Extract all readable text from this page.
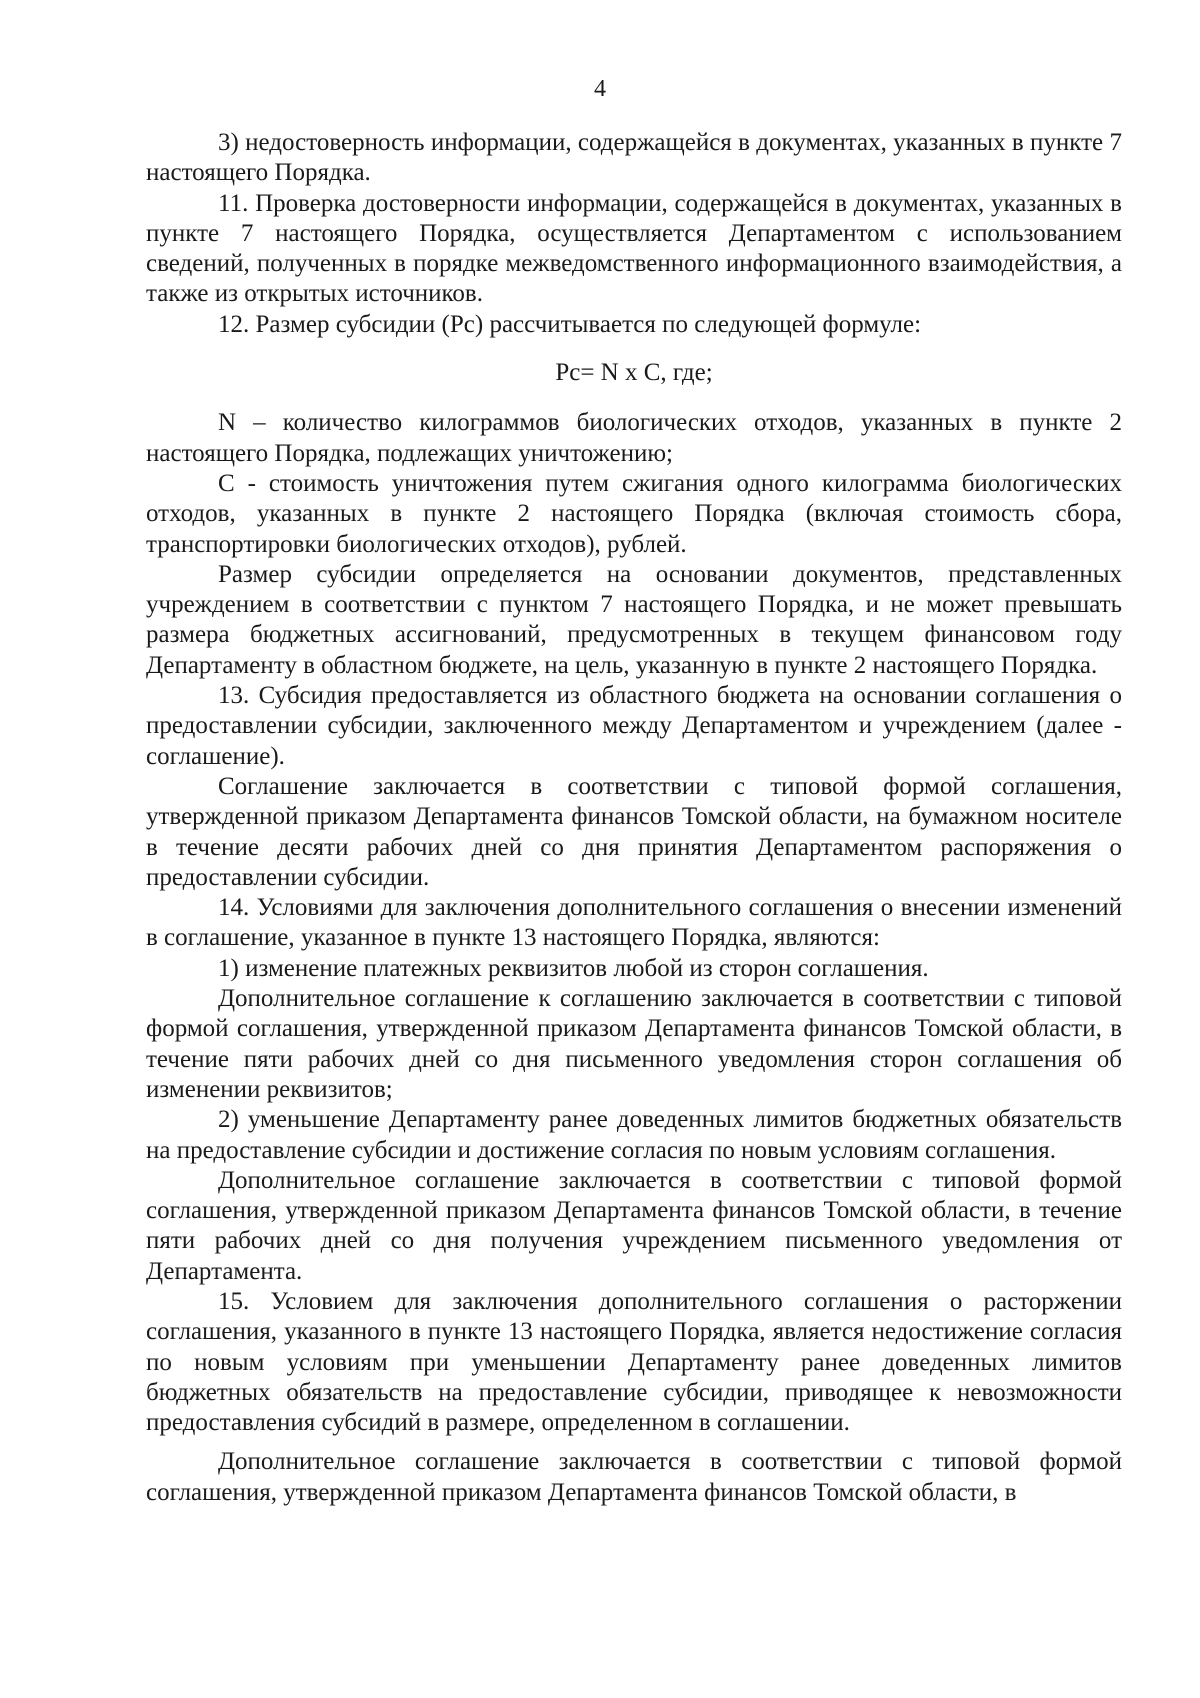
4

3) недостоверность информации, содержащейся в документах, указанных в пункте 7 настоящего Порядка.

11. Проверка достоверности информации, содержащейся в документах, указанных в пункте 7 настоящего Порядка, осуществляется Департаментом с использованием сведений, полученных в порядке межведомственного информационного взаимодействия, а также из открытых источников.

12. Размер субсидии (Рс) рассчитывается по следующей формуле:

Рс= N х С, где;

N – количество килограммов биологических отходов, указанных в пункте 2 настоящего Порядка, подлежащих уничтожению;

С - стоимость уничтожения путем сжигания одного килограмма биологических отходов, указанных в пункте 2 настоящего Порядка (включая стоимость сбора, транспортировки биологических отходов), рублей.

Размер субсидии определяется на основании документов, представленных учреждением в соответствии с пунктом 7 настоящего Порядка, и не может превышать размера бюджетных ассигнований, предусмотренных в текущем финансовом году Департаменту в областном бюджете, на цель, указанную в пункте 2 настоящего Порядка.

13. Субсидия предоставляется из областного бюджета на основании соглашения о предоставлении субсидии, заключенного между Департаментом и учреждением (далее - соглашение).

Соглашение заключается в соответствии с типовой формой соглашения, утвержденной приказом Департамента финансов Томской области, на бумажном носителе в течение десяти рабочих дней со дня принятия Департаментом распоряжения о предоставлении субсидии.

14. Условиями для заключения дополнительного соглашения о внесении изменений в соглашение, указанное в пункте 13 настоящего Порядка, являются:

1) изменение платежных реквизитов любой из сторон соглашения.

Дополнительное соглашение к соглашению заключается в соответствии с типовой формой соглашения, утвержденной приказом Департамента финансов Томской области, в течение пяти рабочих дней со дня письменного уведомления сторон соглашения об изменении реквизитов;

2) уменьшение Департаменту ранее доведенных лимитов бюджетных обязательств на предоставление субсидии и достижение согласия по новым условиям соглашения.

Дополнительное соглашение заключается в соответствии с типовой формой соглашения, утвержденной приказом Департамента финансов Томской области, в течение пяти рабочих дней со дня получения учреждением письменного уведомления от Департамента.

15. Условием для заключения дополнительного соглашения о расторжении соглашения, указанного в пункте 13 настоящего Порядка, является недостижение согласия по новым условиям при уменьшении Департаменту ранее доведенных лимитов бюджетных обязательств на предоставление субсидии, приводящее к невозможности предоставления субсидий в размере, определенном в соглашении.

Дополнительное соглашение заключается в соответствии с типовой формой соглашения, утвержденной приказом Департамента финансов Томской области, в
